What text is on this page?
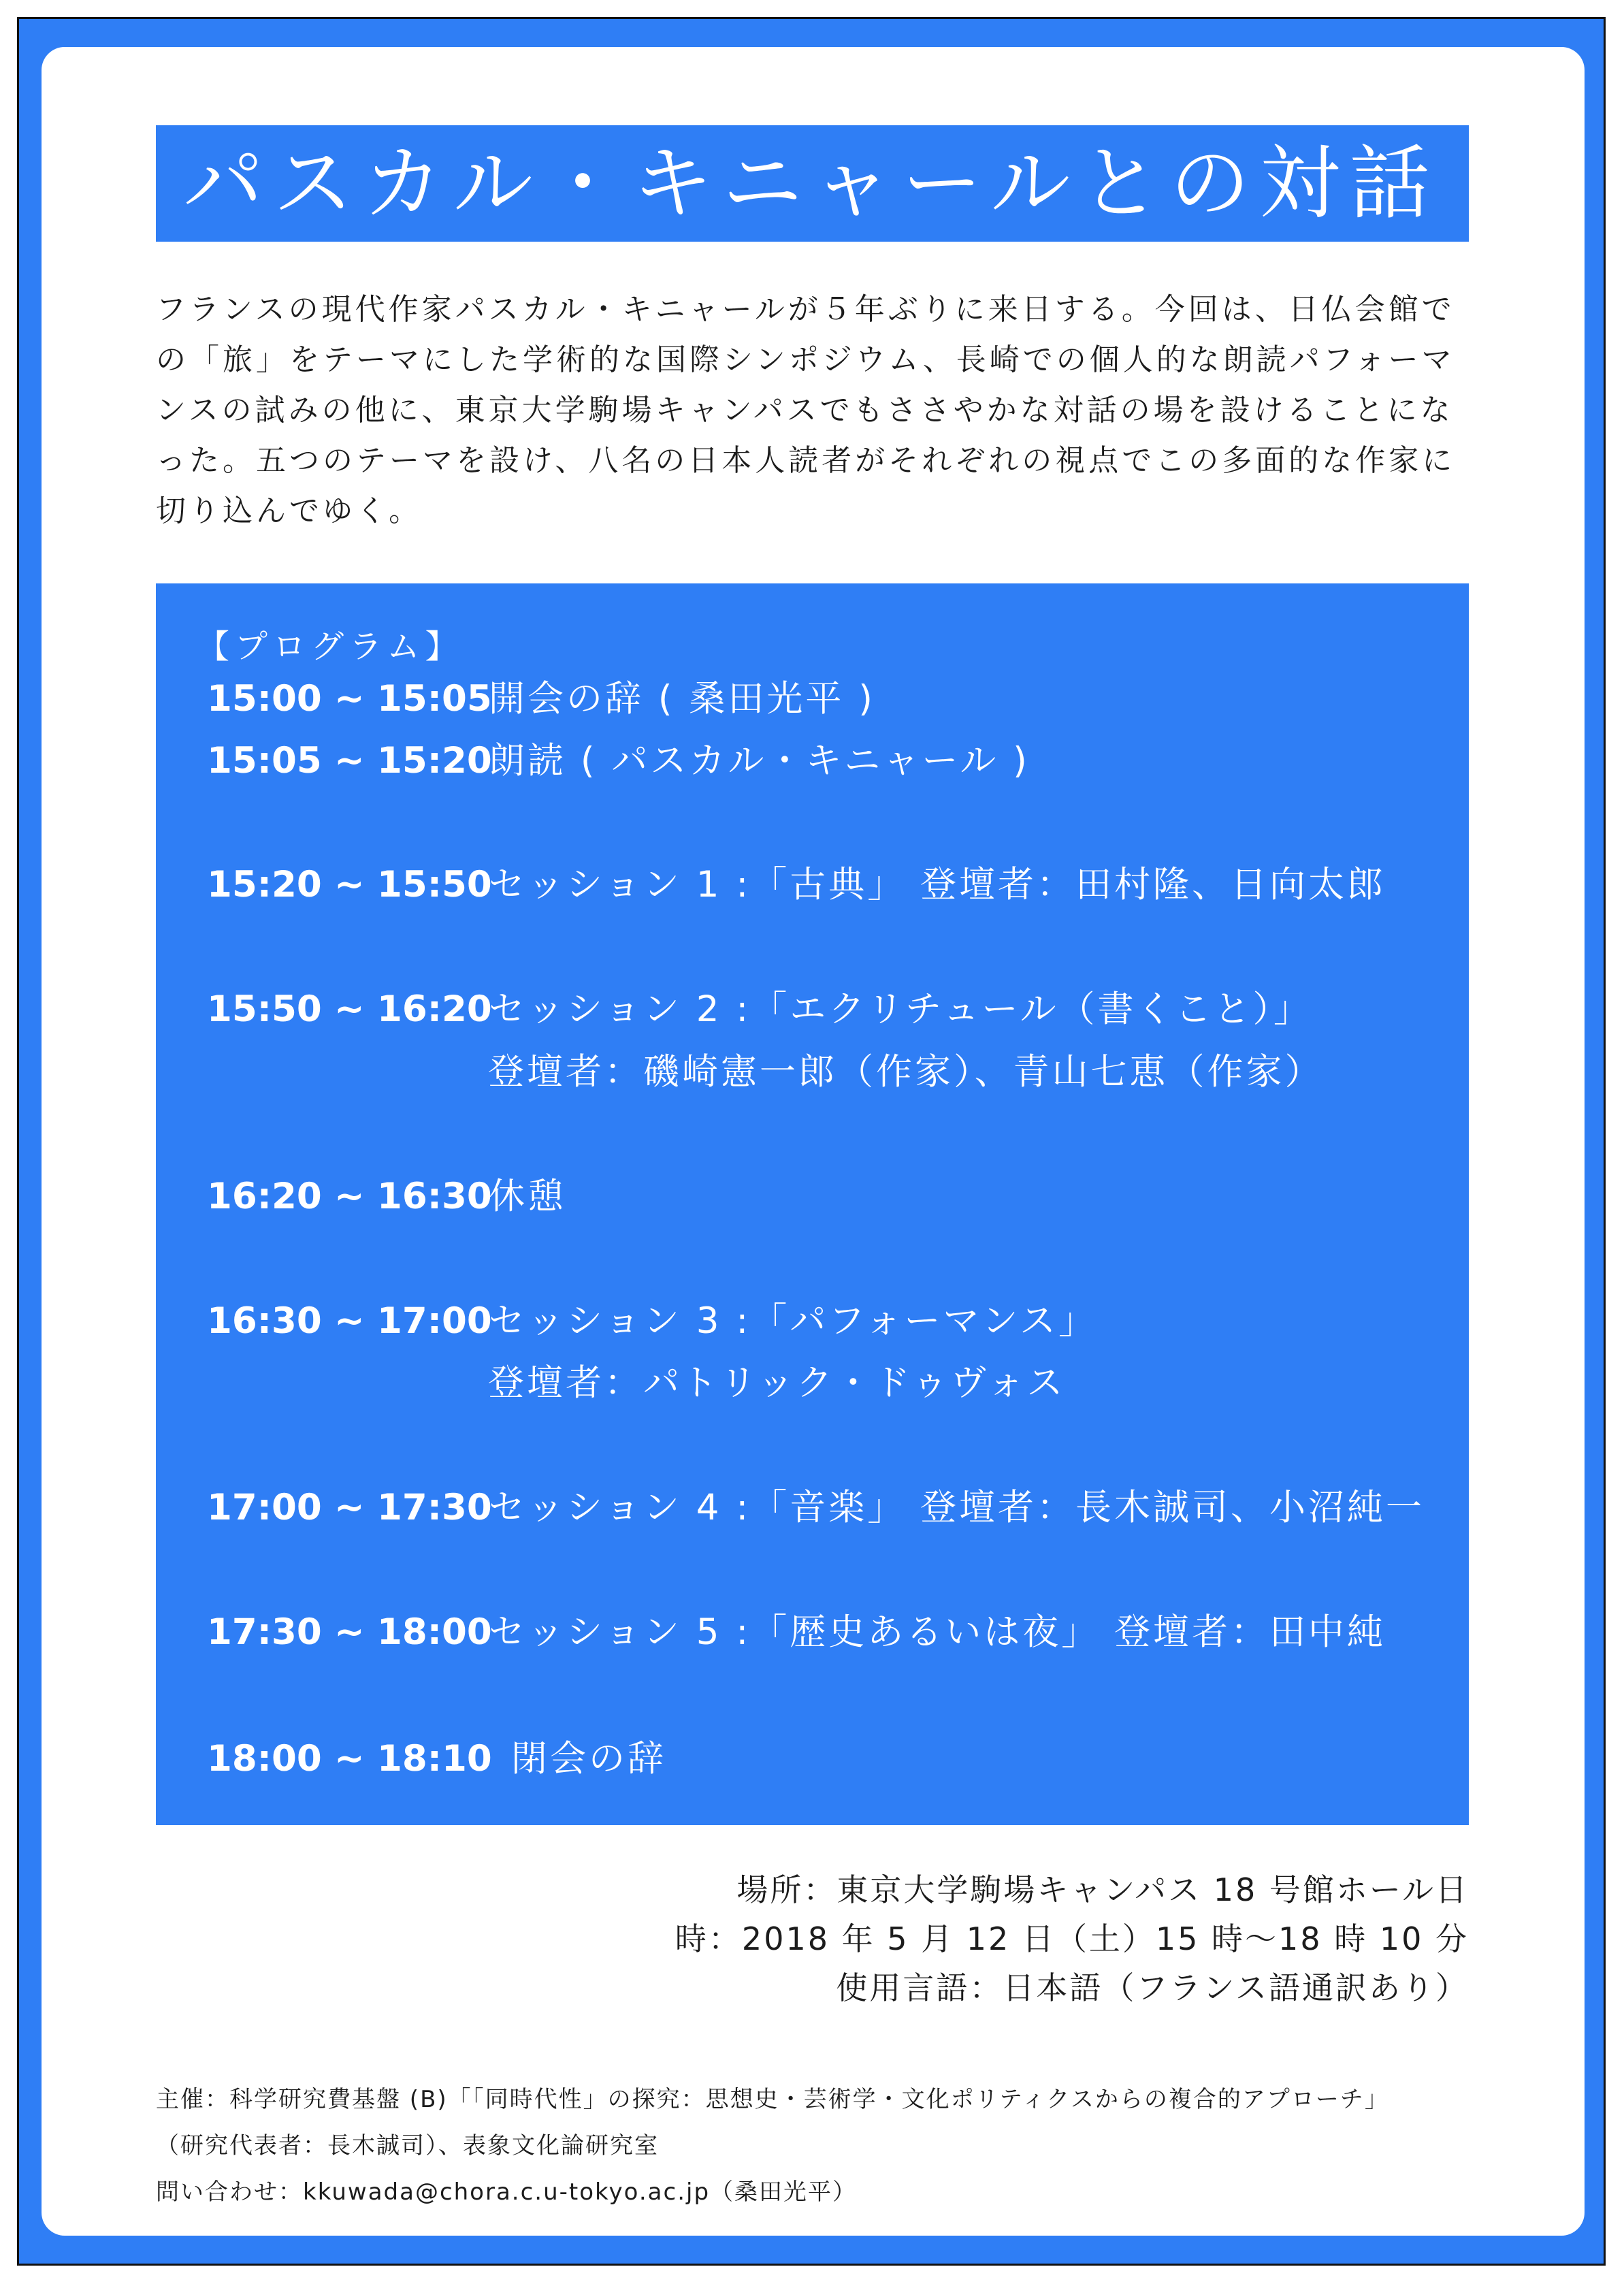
パスカル・キニャールとの対話
フランスの現代作家パスカル・キニャールが５年ぶりに来日する。今回は、日仏会館での「旅」をテーマにした学術的な国際シンポジウム、長崎での個人的な朗読パフォーマンスの試みの他に、東京大学駒場キャンパスでもささやかな対話の場を設けることになった。五つのテーマを設け、八名の日本人読者がそれぞれの視点でこの多面的な作家に切り込んでゆく。
【プログラム】
15:00 ~ 15:05開会の辞 ( 桑田光平 )
15:05 ~ 15:20朗読 ( パスカル・キニャール )
15:20 ~ 15:50セッション 1 :「古典」 登壇者：田村隆、日向太郎
15:50 ~ 16:20セッション 2 :「エクリチュール（書くこと）」
登壇者：磯崎憲一郎（作家）、青山七恵（作家）
16:20 ~ 16:30休憩
16:30 ~ 17:00セッション 3 :「パフォーマンス」
登壇者：パトリック・ドゥヴォス
17:00 ~ 17:30セッション 4 :「音楽」 登壇者：長木誠司、小沼純一
17:30 ~ 18:00セッション 5 :「歴史あるいは夜」 登壇者：田中純
18:00 ~ 18:10 閉会の辞
場所：東京大学駒場キャンパス 18 号館ホール日
時：2018 年 5 月 12 日（土）15 時〜18 時 10 分
使用言語：日本語（フランス語通訳あり）
主催：科学研究費基盤 (B)「「同時代性」の探究：思想史・芸術学・文化ポリティクスからの複合的アプローチ」
（研究代表者：長木誠司）、表象文化論研究室
問い合わせ：kkuwada@chora.c.u-tokyo.ac.jp（桑田光平）
